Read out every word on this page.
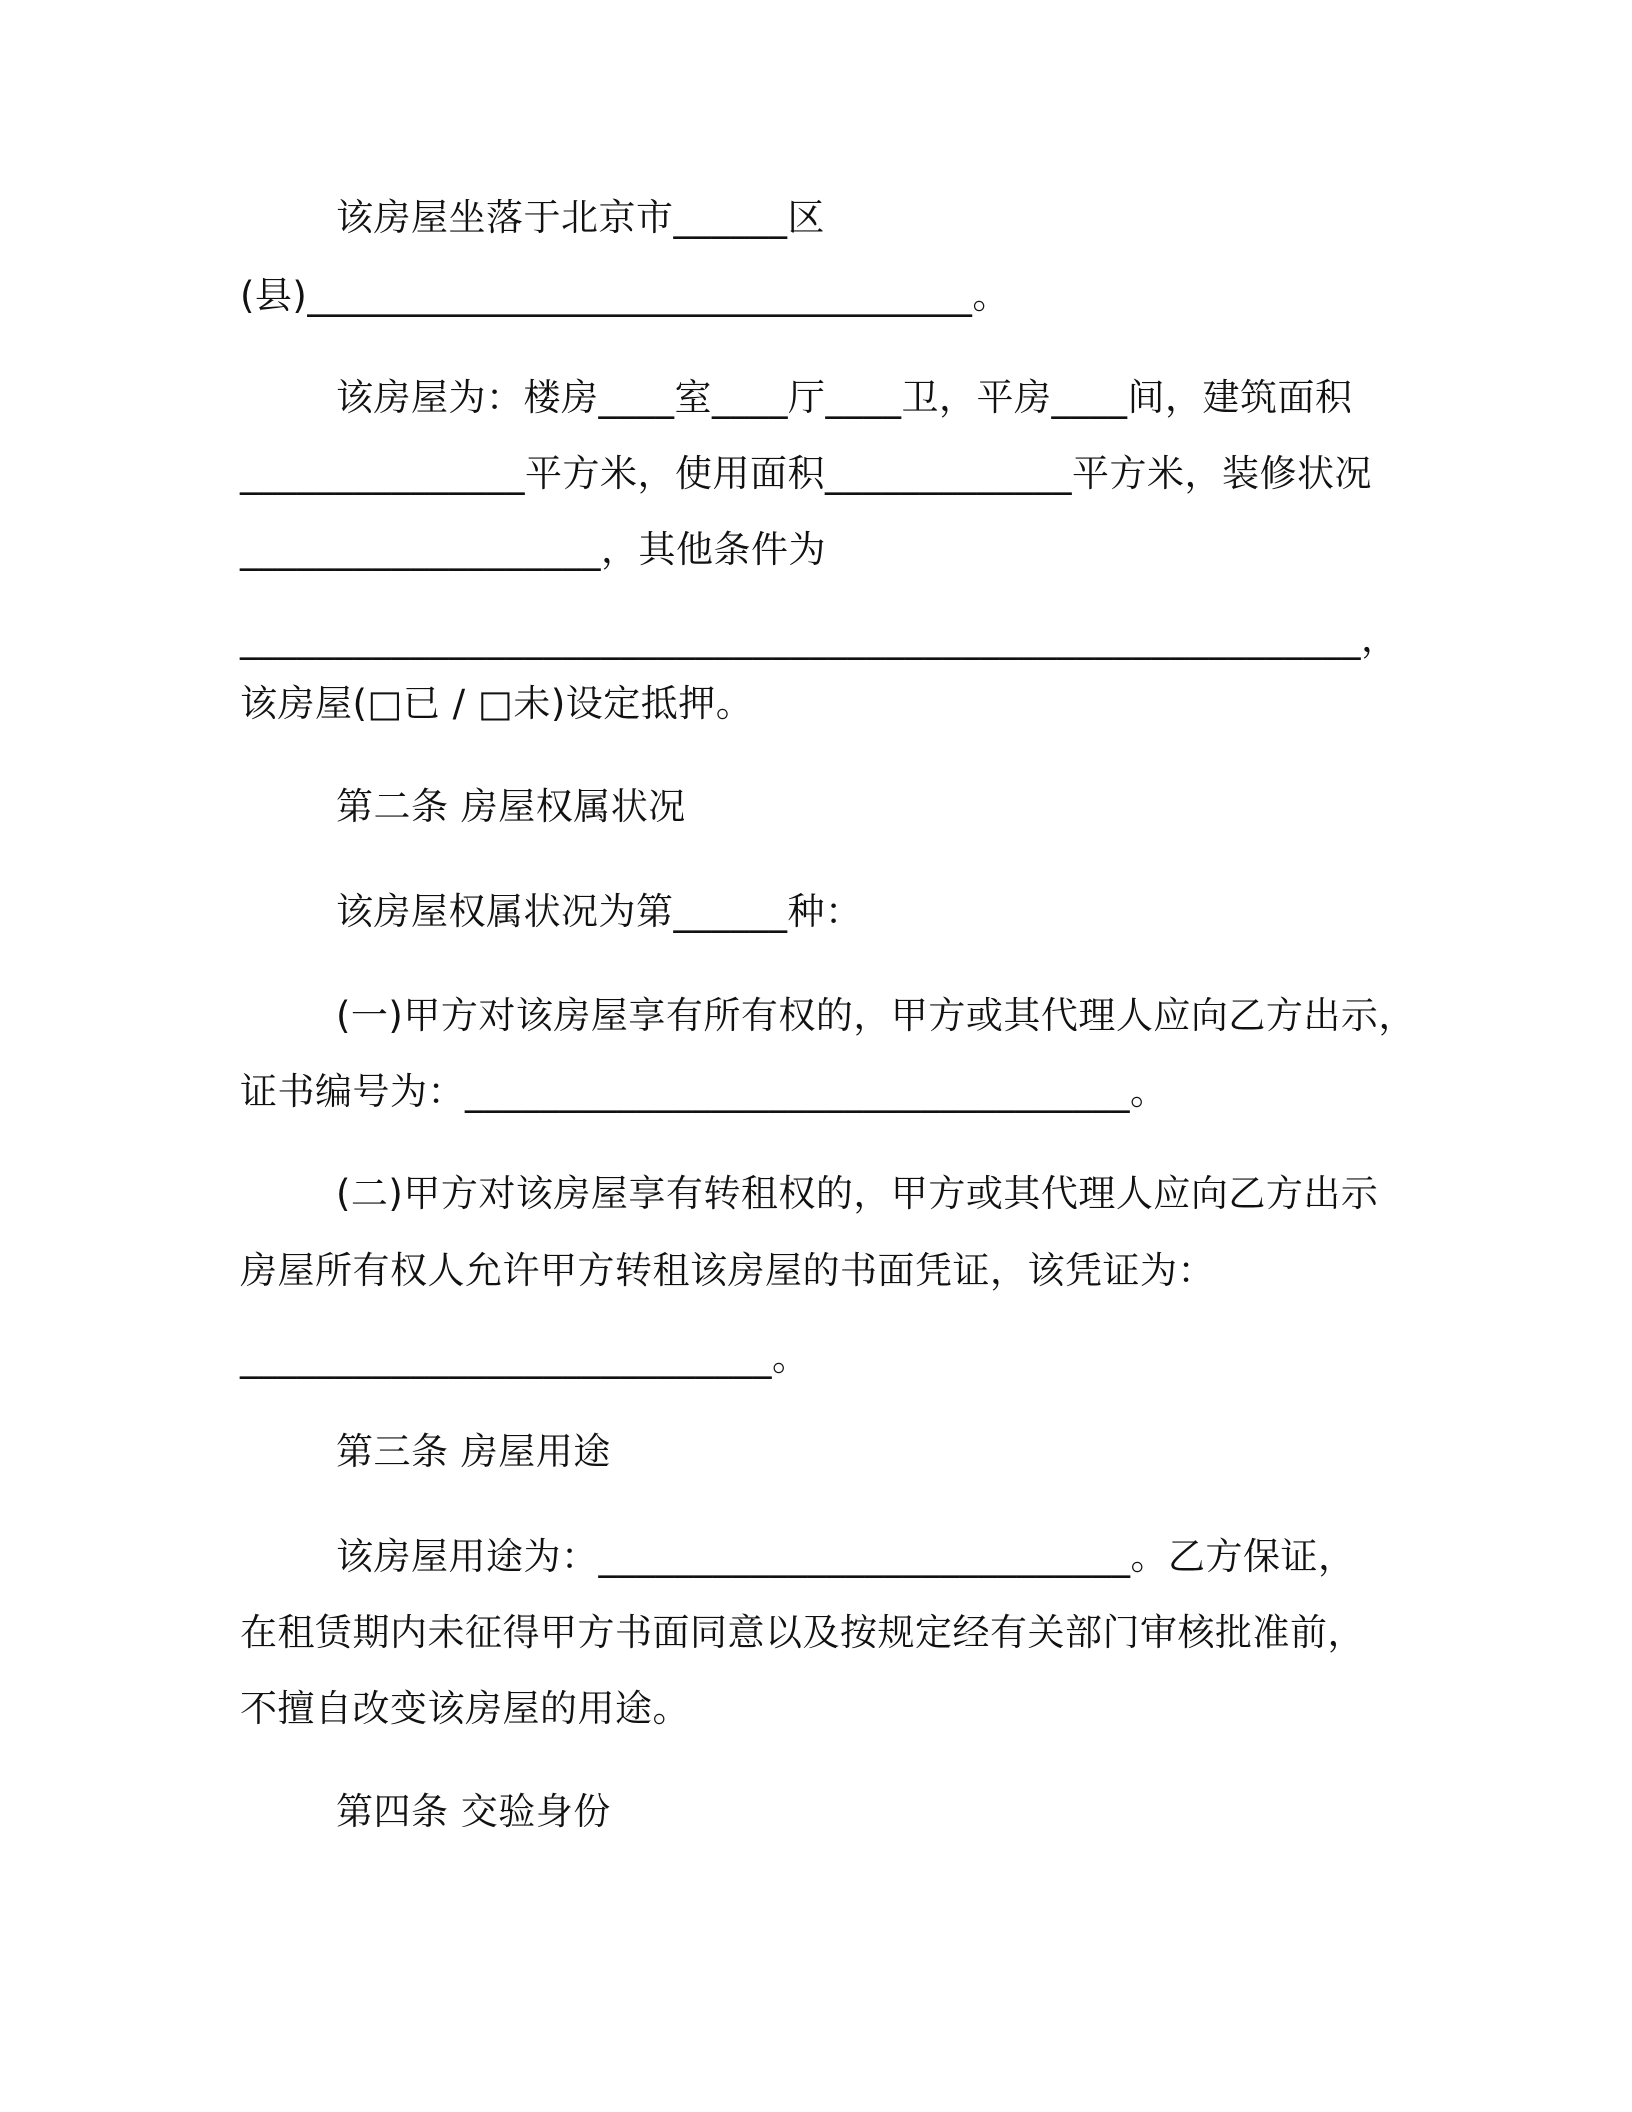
该房屋坐落于北京市______区
(县)___________________________________。
该房屋为：楼房____室____厅____卫，平房____间，建筑面积
_______________平方米，使用面积_____________平方米，装修状况
___________________，其他条件为
___________________________________________________________，
该房屋(□已 / □未)设定抵押。
第二条 房屋权属状况
该房屋权属状况为第______种：
(一)甲方对该房屋享有所有权的，甲方或其代理人应向乙方出示，
证书编号为：___________________________________。
(二)甲方对该房屋享有转租权的，甲方或其代理人应向乙方出示
房屋所有权人允许甲方转租该房屋的书面凭证，该凭证为：
____________________________。
第三条 房屋用途
该房屋用途为：____________________________。乙方保证，
在租赁期内未征得甲方书面同意以及按规定经有关部门审核批准前，
不擅自改变该房屋的用途。
第四条 交验身份
